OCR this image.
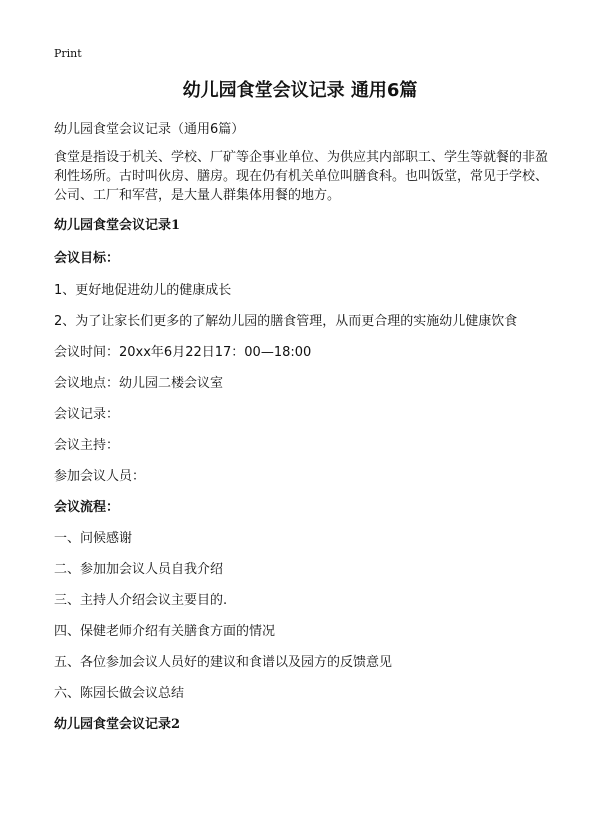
Print
幼儿园食堂会议记录 通用6篇
幼儿园食堂会议记录（通用6篇）
食堂是指设于机关、学校、厂矿等企事业单位、为供应其内部职工、学生等就餐的非盈利性场所。古时叫伙房、膳房。现在仍有机关单位叫膳食科。也叫饭堂，常见于学校、公司、工厂和军营，是大量人群集体用餐的地方。
幼儿园食堂会议记录1
会议目标：
1、更好地促进幼儿的健康成长
2、为了让家长们更多的了解幼儿园的膳食管理，从而更合理的实施幼儿健康饮食
会议时间：20xx年6月22日17：00—18:00
会议地点：幼儿园二楼会议室
会议记录：
会议主持：
参加会议人员：
会议流程：
一、问候感谢
二、参加加会议人员自我介绍
三、主持人介绍会议主要目的.
四、保健老师介绍有关膳食方面的情况
五、各位参加会议人员好的建议和食谱以及园方的反馈意见
六、陈园长做会议总结
幼儿园食堂会议记录2
